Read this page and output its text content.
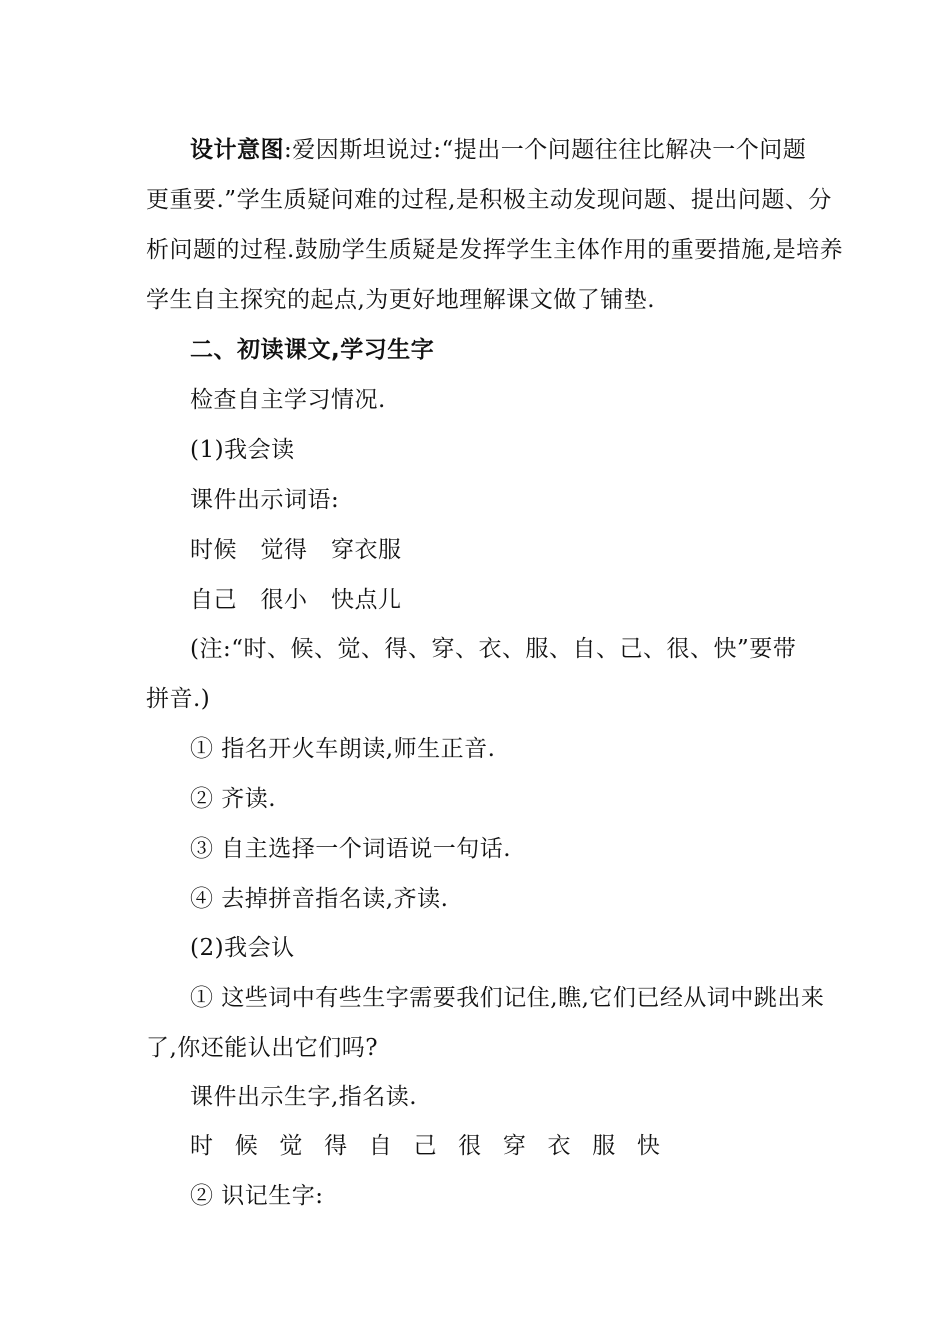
设计意图:爱因斯坦说过:“提出一个问题往往比解决一个问题
更重要.”学生质疑问难的过程,是积极主动发现问题、提出问题、分
析问题的过程.鼓励学生质疑是发挥学生主体作用的重要措施,是培养
学生自主探究的起点,为更好地理解课文做了铺垫.
二、初读课文,学习生字
检查自主学习情况.
(1)我会读
课件出示词语:
时候　觉得　穿衣服
自己　很小　快点儿
(注:“时、候、觉、得、穿、衣、服、自、己、很、快”要带
拼音.)
① 指名开火车朗读,师生正音.
② 齐读.
③ 自主选择一个词语说一句话.
④ 去掉拼音指名读,齐读.
(2)我会认
① 这些词中有些生字需要我们记住,瞧,它们已经从词中跳出来
了,你还能认出它们吗?
课件出示生字,指名读.
时 候 觉 得 自 己 很 穿 衣 服 快
② 识记生字:
